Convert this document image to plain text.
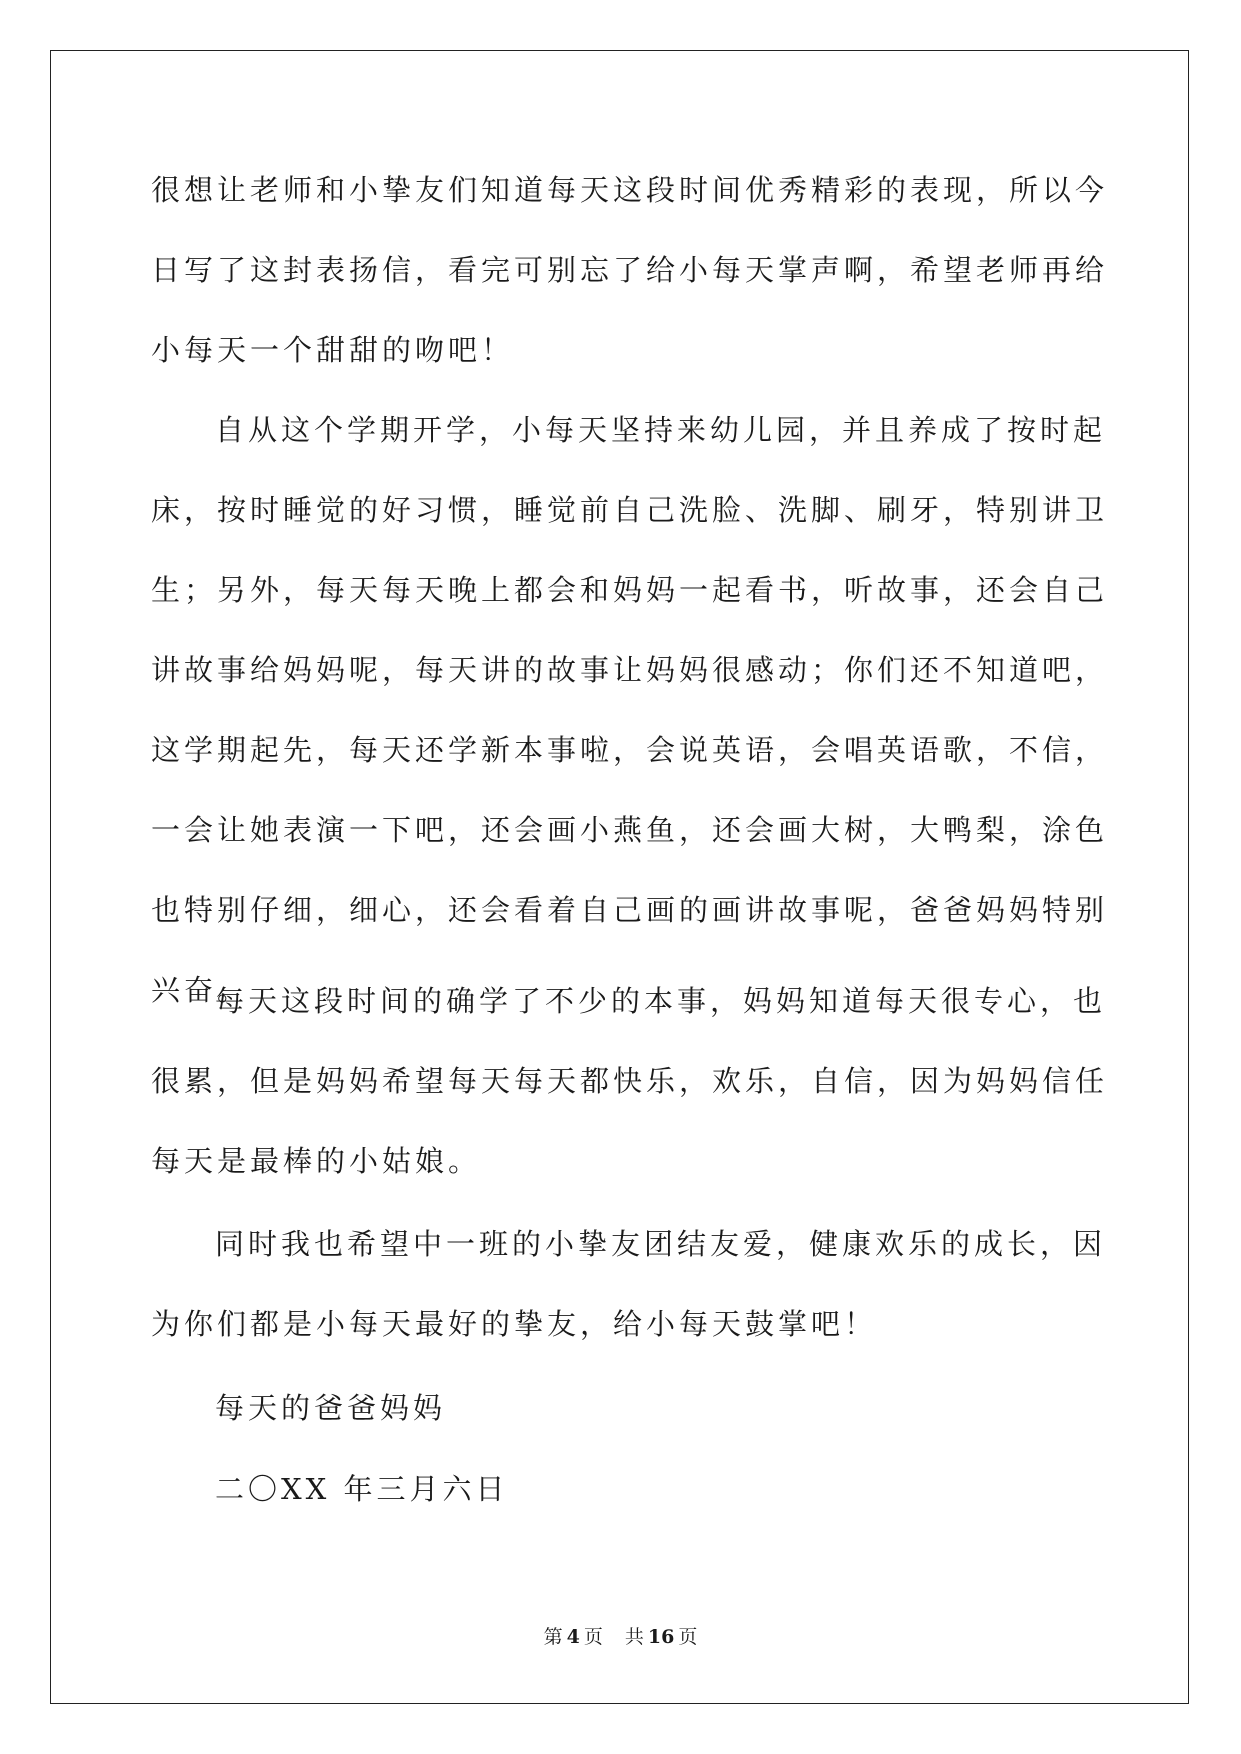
很想让老师和小挚友们知道每天这段时间优秀精彩的表现，所以今日写了这封表扬信，看完可别忘了给小每天掌声啊，希望老师再给小每天一个甜甜的吻吧！

自从这个学期开学，小每天坚持来幼儿园，并且养成了按时起床，按时睡觉的好习惯，睡觉前自己洗脸、洗脚、刷牙，特别讲卫生；另外，每天每天晚上都会和妈妈一起看书，听故事，还会自己讲故事给妈妈呢，每天讲的故事让妈妈很感动；你们还不知道吧，这学期起先，每天还学新本事啦，会说英语，会唱英语歌，不信，一会让她表演一下吧，还会画小燕鱼，还会画大树，大鸭梨，涂色也特别仔细，细心，还会看着自己画的画讲故事呢，爸爸妈妈特别兴奋。

每天这段时间的确学了不少的本事，妈妈知道每天很专心，也很累，但是妈妈希望每天每天都快乐，欢乐，自信，因为妈妈信任每天是最棒的小姑娘。

同时我也希望中一班的小挚友团结友爱，健康欢乐的成长，因为你们都是小每天最好的挚友，给小每天鼓掌吧！

每天的爸爸妈妈

二〇XX 年三月六日

第 4 页 共 16 页
